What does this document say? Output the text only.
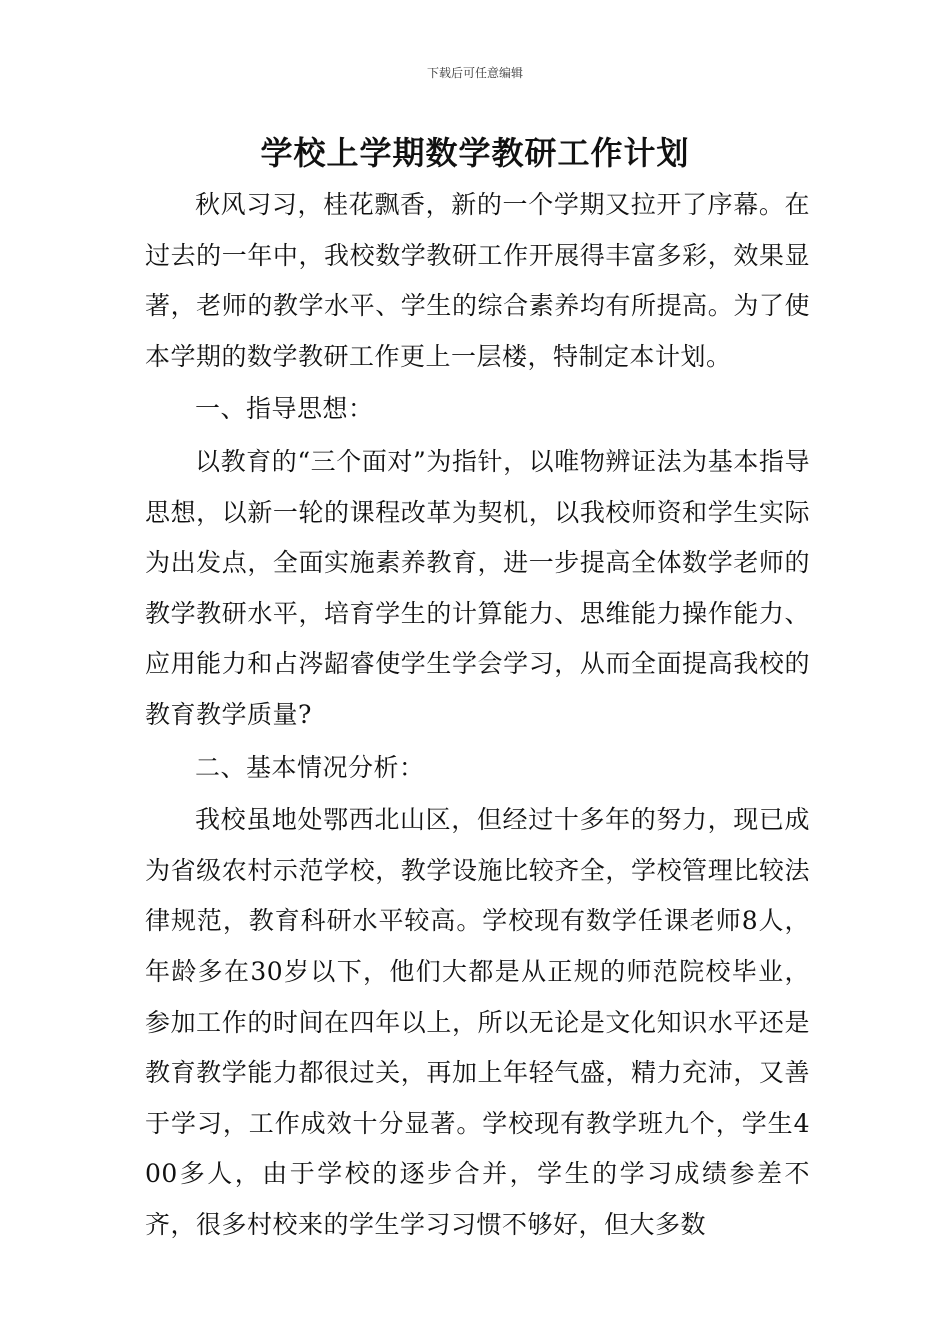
下载后可任意编辑
学校上学期数学教研工作计划

秋风习习，桂花飘香，新的一个学期又拉开了序幕。在过去的一年中，我校数学教研工作开展得丰富多彩，效果显著，老师的教学水平、学生的综合素养均有所提高。为了使本学期的数学教研工作更上一层楼，特制定本计划。

一、指导思想：

以教育的“三个面对”为指针，以唯物辨证法为基本指导思想，以新一轮的课程改革为契机，以我校师资和学生实际为出发点，全面实施素养教育，进一步提高全体数学老师的教学教研水平，培育学生的计算能力、思维能力操作能力、应用能力和占涔龆睿使学生学会学习，从而全面提高我校的教育教学质量?

二、基本情况分析：

我校虽地处鄂西北山区，但经过十多年的努力，现已成为省级农村示范学校，教学设施比较齐全，学校管理比较法律规范，教育科研水平较高。学校现有数学任课老师8人，年龄多在30岁以下，他们大都是从正规的师范院校毕业，参加工作的时间在四年以上，所以无论是文化知识水平还是教育教学能力都很过关，再加上年轻气盛，精力充沛，又善于学习，工作成效十分显著。学校现有教学班九个，学生400多人，由于学校的逐步合并，学生的学习成绩参差不齐，很多村校来的学生学习习惯不够好，但大多数
